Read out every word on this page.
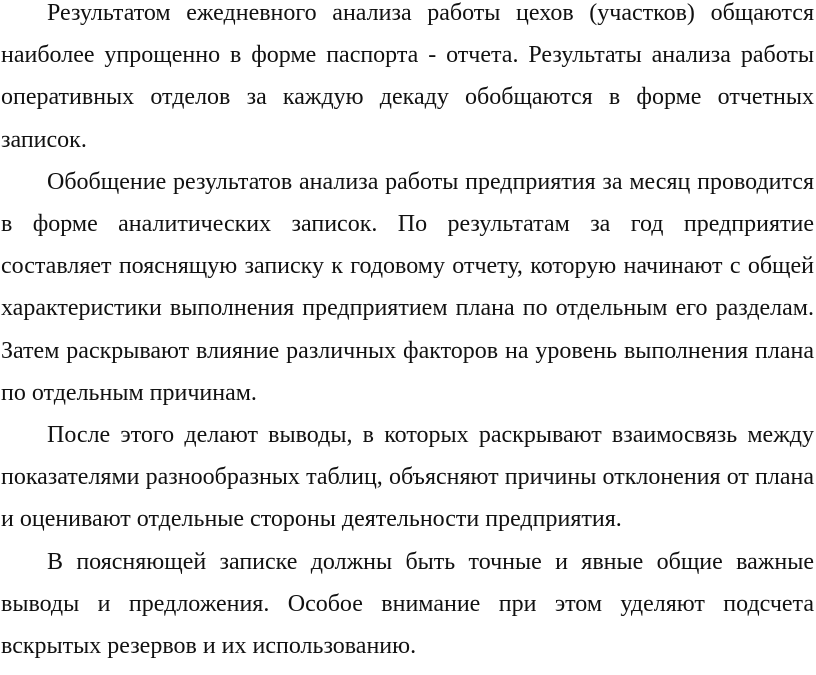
Результатом ежедневного анализа работы цехов (участков) общаются наиболее упрощенно в форме паспорта - отчета. Результаты анализа работы оперативных отделов за каждую декаду обобщаются в форме отчетных записок.

Обобщение результатов анализа работы предприятия за месяц проводится в форме аналитических записок. По результатам за год предприятие составляет пояснящую записку к годовому отчету, которую начинают с общей характеристики выполнения предприятием плана по отдельным его разделам. Затем раскрывают влияние различных факторов на уровень выполнения плана по отдельным причинам.

После этого делают выводы, в которых раскрывают взаимосвязь между показателями разнообразных таблиц, объясняют причины отклонения от плана и оценивают отдельные стороны деятельности предприятия.

В поясняющей записке должны быть точные и явные общие важные выводы и предложения. Особое внимание при этом уделяют подсчета вскрытых резервов и их использованию.
